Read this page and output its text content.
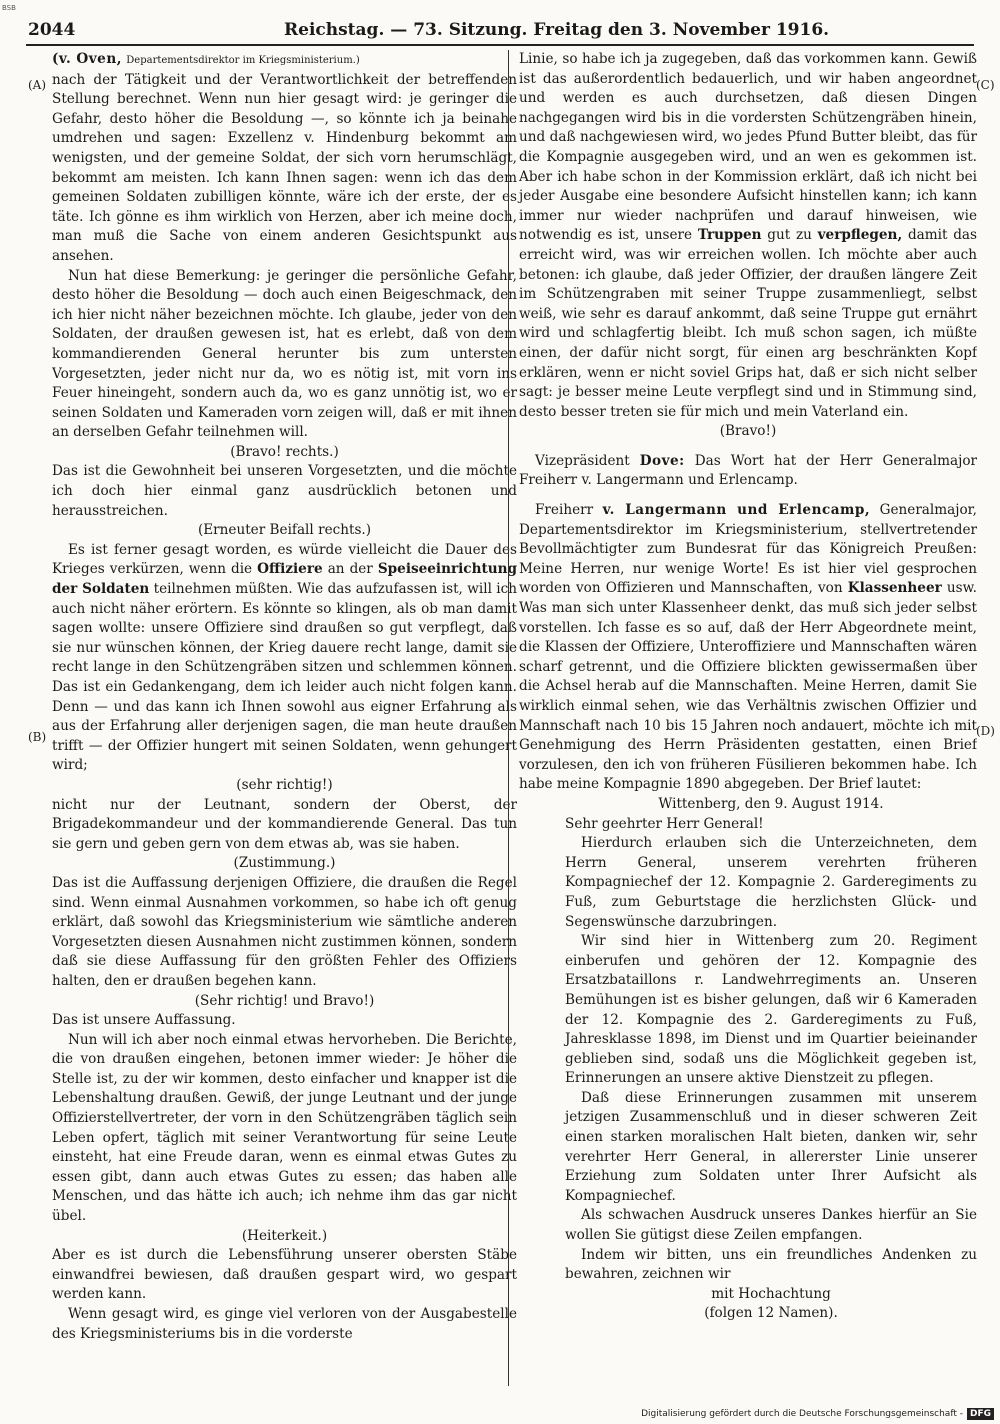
BSB
2044	Reichstag. — 73. Sitzung. Freitag den 3. November 1916.
(A)
(B)
(C)
(D)

(v. Oven, Departementsdirektor im Kriegsministerium.)

nach der Tätigkeit und der Verantwortlichkeit der betreffenden Stellung berechnet. Wenn nun hier gesagt wird: je geringer die Gefahr, desto höher die Besoldung —, so könnte ich ja beinahe umdrehen und sagen: Exzellenz v. Hindenburg bekommt am wenigsten, und der gemeine Soldat, der sich vorn herumschlägt, bekommt am meisten. Ich kann Ihnen sagen: wenn ich das dem gemeinen Soldaten zubilligen könnte, wäre ich der erste, der es täte. Ich gönne es ihm wirklich von Herzen, aber ich meine doch, man muß die Sache von einem anderen Gesichtspunkt aus ansehen.

Nun hat diese Bemerkung: je geringer die persönliche Gefahr, desto höher die Besoldung — doch auch einen Beigeschmack, den ich hier nicht näher bezeichnen möchte. Ich glaube, jeder von den Soldaten, der draußen gewesen ist, hat es erlebt, daß von dem kommandierenden General herunter bis zum untersten Vorgesetzten, jeder nicht nur da, wo es nötig ist, mit vorn ins Feuer hineingeht, sondern auch da, wo es ganz unnötig ist, wo er seinen Soldaten und Kameraden vorn zeigen will, daß er mit ihnen an derselben Gefahr teilnehmen will.

(Bravo! rechts.)

Das ist die Gewohnheit bei unseren Vorgesetzten, und die möchte ich doch hier einmal ganz ausdrücklich betonen und herausstreichen.

(Erneuter Beifall rechts.)

Es ist ferner gesagt worden, es würde vielleicht die Dauer des Krieges verkürzen, wenn die Offiziere an der Speiseeinrichtung der Soldaten teilnehmen müßten. Wie das aufzufassen ist, will ich auch nicht näher erörtern. Es könnte so klingen, als ob man damit sagen wollte: unsere Offiziere sind draußen so gut verpflegt, daß sie nur wünschen können, der Krieg dauere recht lange, damit sie recht lange in den Schützengräben sitzen und schlemmen können. Das ist ein Gedankengang, dem ich leider auch nicht folgen kann. Denn — und das kann ich Ihnen sowohl aus eigner Erfahrung als aus der Erfahrung aller derjenigen sagen, die man heute draußen trifft — der Offizier hungert mit seinen Soldaten, wenn gehungert wird;

(sehr richtig!)

nicht nur der Leutnant, sondern der Oberst, der Brigadekommandeur und der kommandierende General. Das tun sie gern und geben gern von dem etwas ab, was sie haben.

(Zustimmung.)

Das ist die Auffassung derjenigen Offiziere, die draußen die Regel sind. Wenn einmal Ausnahmen vorkommen, so habe ich oft genug erklärt, daß sowohl das Kriegsministerium wie sämtliche anderen Vorgesetzten diesen Ausnahmen nicht zustimmen können, sondern daß sie diese Auffassung für den größten Fehler des Offiziers halten, den er draußen begehen kann.

(Sehr richtig! und Bravo!)

Das ist unsere Auffassung.

Nun will ich aber noch einmal etwas hervorheben. Die Berichte, die von draußen eingehen, betonen immer wieder: Je höher die Stelle ist, zu der wir kommen, desto einfacher und knapper ist die Lebenshaltung draußen. Gewiß, der junge Leutnant und der junge Offizierstellvertreter, der vorn in den Schützengräben täglich sein Leben opfert, täglich mit seiner Verantwortung für seine Leute einsteht, hat eine Freude daran, wenn es einmal etwas Gutes zu essen gibt, dann auch etwas Gutes zu essen; das haben alle Menschen, und das hätte ich auch; ich nehme ihm das gar nicht übel.

(Heiterkeit.)

Aber es ist durch die Lebensführung unserer obersten Stäbe einwandfrei bewiesen, daß draußen gespart wird, wo gespart werden kann.

Wenn gesagt wird, es ginge viel verloren von der Ausgabestelle des Kriegsministeriums bis in die vorderste

Linie, so habe ich ja zugegeben, daß das vorkommen kann. Gewiß ist das außerordentlich bedauerlich, und wir haben angeordnet und werden es auch durchsetzen, daß diesen Dingen nachgegangen wird bis in die vordersten Schützengräben hinein, und daß nachgewiesen wird, wo jedes Pfund Butter bleibt, das für die Kompagnie ausgegeben wird, und an wen es gekommen ist. Aber ich habe schon in der Kommission erklärt, daß ich nicht bei jeder Ausgabe eine besondere Aufsicht hinstellen kann; ich kann immer nur wieder nachprüfen und darauf hinweisen, wie notwendig es ist, unsere Truppen gut zu verpflegen, damit das erreicht wird, was wir erreichen wollen. Ich möchte aber auch betonen: ich glaube, daß jeder Offizier, der draußen längere Zeit im Schützengraben mit seiner Truppe zusammenliegt, selbst weiß, wie sehr es darauf ankommt, daß seine Truppe gut ernährt wird und schlagfertig bleibt. Ich muß schon sagen, ich müßte einen, der dafür nicht sorgt, für einen arg beschränkten Kopf erklären, wenn er nicht soviel Grips hat, daß er sich nicht selber sagt: je besser meine Leute verpflegt sind und in Stimmung sind, desto besser treten sie für mich und mein Vaterland ein.

(Bravo!)

Vizepräsident Dove: Das Wort hat der Herr Generalmajor Freiherr v. Langermann und Erlencamp.

Freiherr v. Langermann und Erlencamp, Generalmajor, Departementsdirektor im Kriegsministerium, stellvertretender Bevollmächtigter zum Bundesrat für das Königreich Preußen: Meine Herren, nur wenige Worte! Es ist hier viel gesprochen worden von Offizieren und Mannschaften, von Klassenheer usw. Was man sich unter Klassenheer denkt, das muß sich jeder selbst vorstellen. Ich fasse es so auf, daß der Herr Abgeordnete meint, die Klassen der Offiziere, Unteroffiziere und Mannschaften wären scharf getrennt, und die Offiziere blickten gewissermaßen über die Achsel herab auf die Mannschaften. Meine Herren, damit Sie wirklich einmal sehen, wie das Verhältnis zwischen Offizier und Mannschaft nach 10 bis 15 Jahren noch andauert, möchte ich mit Genehmigung des Herrn Präsidenten gestatten, einen Brief vorzulesen, den ich von früheren Füsilieren bekommen habe. Ich habe meine Kompagnie 1890 abgegeben. Der Brief lautet:

Wittenberg, den 9. August 1914.

Sehr geehrter Herr General!

Hierdurch erlauben sich die Unterzeichneten, dem Herrn General, unserem verehrten früheren Kompagniechef der 12. Kompagnie 2. Garderegiments zu Fuß, zum Geburtstage die herzlichsten Glück- und Segenswünsche darzubringen.

Wir sind hier in Wittenberg zum 20. Regiment einberufen und gehören der 12. Kompagnie des Ersatzbataillons r. Landwehrregiments an. Unseren Bemühungen ist es bisher gelungen, daß wir 6 Kameraden der 12. Kompagnie des 2. Garderegiments zu Fuß, Jahresklasse 1898, im Dienst und im Quartier beieinander geblieben sind, sodaß uns die Möglichkeit gegeben ist, Erinnerungen an unsere aktive Dienstzeit zu pflegen.

Daß diese Erinnerungen zusammen mit unserem jetzigen Zusammenschluß und in dieser schweren Zeit einen starken moralischen Halt bieten, danken wir, sehr verehrter Herr General, in allererster Linie unserer Erziehung zum Soldaten unter Ihrer Aufsicht als Kompagniechef.

Als schwachen Ausdruck unseres Dankes hierfür an Sie wollen Sie gütigst diese Zeilen empfangen.

Indem wir bitten, uns ein freundliches Andenken zu bewahren, zeichnen wir

mit Hochachtung

(folgen 12 Namen).

Digitalisierung gefördert durch die Deutsche Forschungsgemeinschaft - DFG
